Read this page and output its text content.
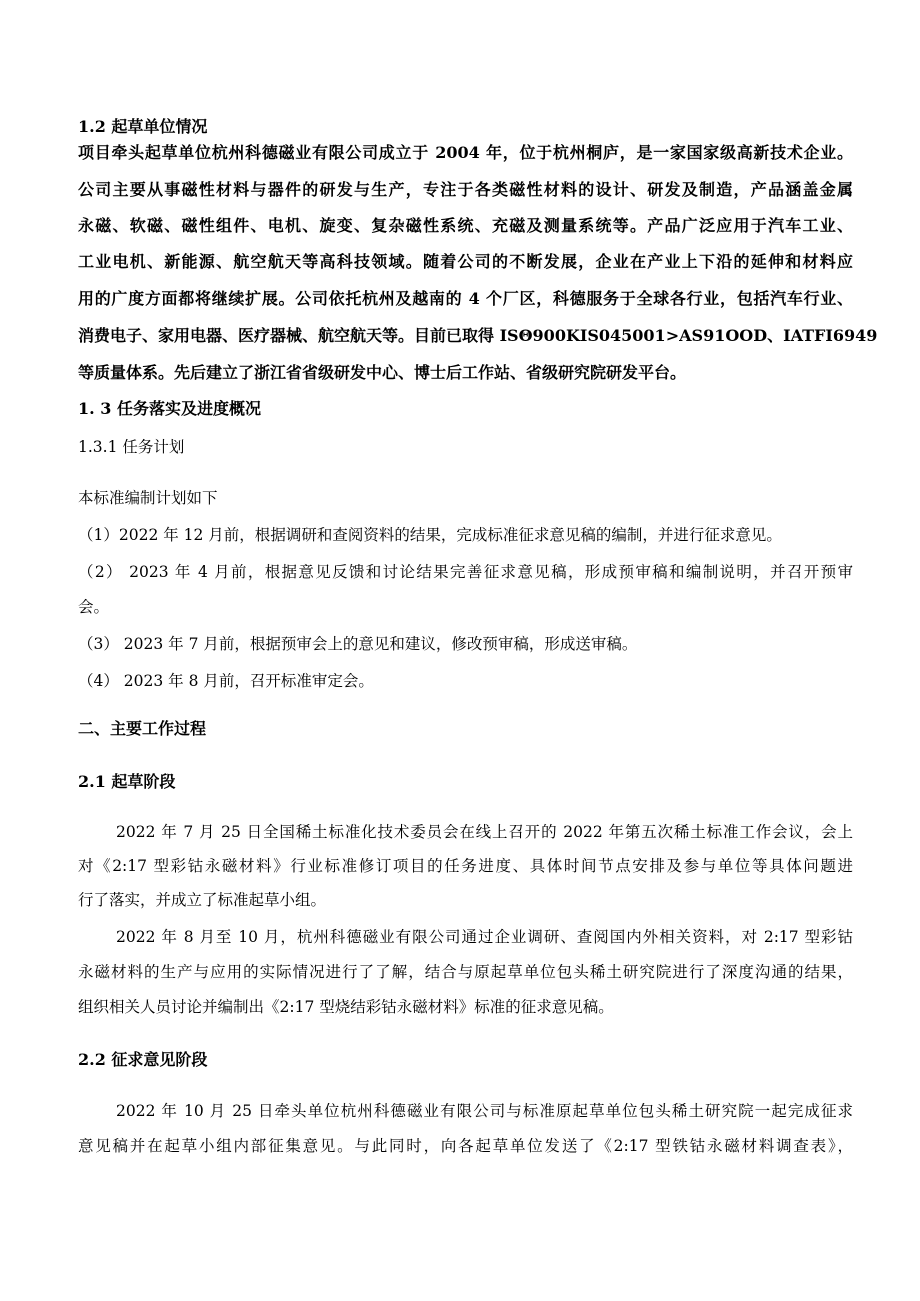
1.2 起草单位情况
项目牵头起草单位杭州科德磁业有限公司成立于 2004 年，位于杭州桐庐，是一家国家级高新技术企业。
公司主要从事磁性材料与器件的研发与生产，专注于各类磁性材料的设计、研发及制造，产品涵盖金属
永磁、软磁、磁性组件、电机、旋变、复杂磁性系统、充磁及测量系统等。产品广泛应用于汽车工业、
工业电机、新能源、航空航天等高科技领域。随着公司的不断发展，企业在产业上下沿的延伸和材料应
用的广度方面都将继续扩展。公司依托杭州及越南的 4 个厂区，科德服务于全球各行业，包括汽车行业、
消费电子、家用电器、医疗器械、航空航天等。目前已取得 ISΘ900KIS045001>AS91OOD、IATFI6949
等质量体系。先后建立了浙江省省级研发中心、博士后工作站、省级研究院研发平台。
1. 3 任务落实及进度概况
1.3.1 任务计划
本标准编制计划如下
（1）2022 年 12 月前，根据调研和查阅资料的结果，完成标准征求意见稿的编制，并进行征求意见。
（2） 2023 年 4 月前，根据意见反馈和讨论结果完善征求意见稿，形成预审稿和编制说明，并召开预审
会。
（3） 2023 年 7 月前，根据预审会上的意见和建议，修改预审稿，形成送审稿。
（4） 2023 年 8 月前，召开标准审定会。
二、主要工作过程
2.1 起草阶段
2022 年 7 月 25 日全国稀土标准化技术委员会在线上召开的 2022 年第五次稀土标准工作会议，会上
对《2:17 型彩钴永磁材料》行业标准修订项目的任务进度、具体时间节点安排及参与单位等具体问题进
行了落实，并成立了标准起草小组。
2022 年 8 月至 10 月，杭州科德磁业有限公司通过企业调研、查阅国内外相关资料，对 2:17 型彩钴
永磁材料的生产与应用的实际情况进行了了解，结合与原起草单位包头稀土研究院进行了深度沟通的结果，
组织相关人员讨论并编制出《2:17 型烧结彩钴永磁材料》标准的征求意见稿。
2.2 征求意见阶段
2022 年 10 月 25 日牵头单位杭州科德磁业有限公司与标准原起草单位包头稀土研究院一起完成征求
意见稿并在起草小组内部征集意见。与此同时，向各起草单位发送了《2:17 型铁钴永磁材料调查表》，
